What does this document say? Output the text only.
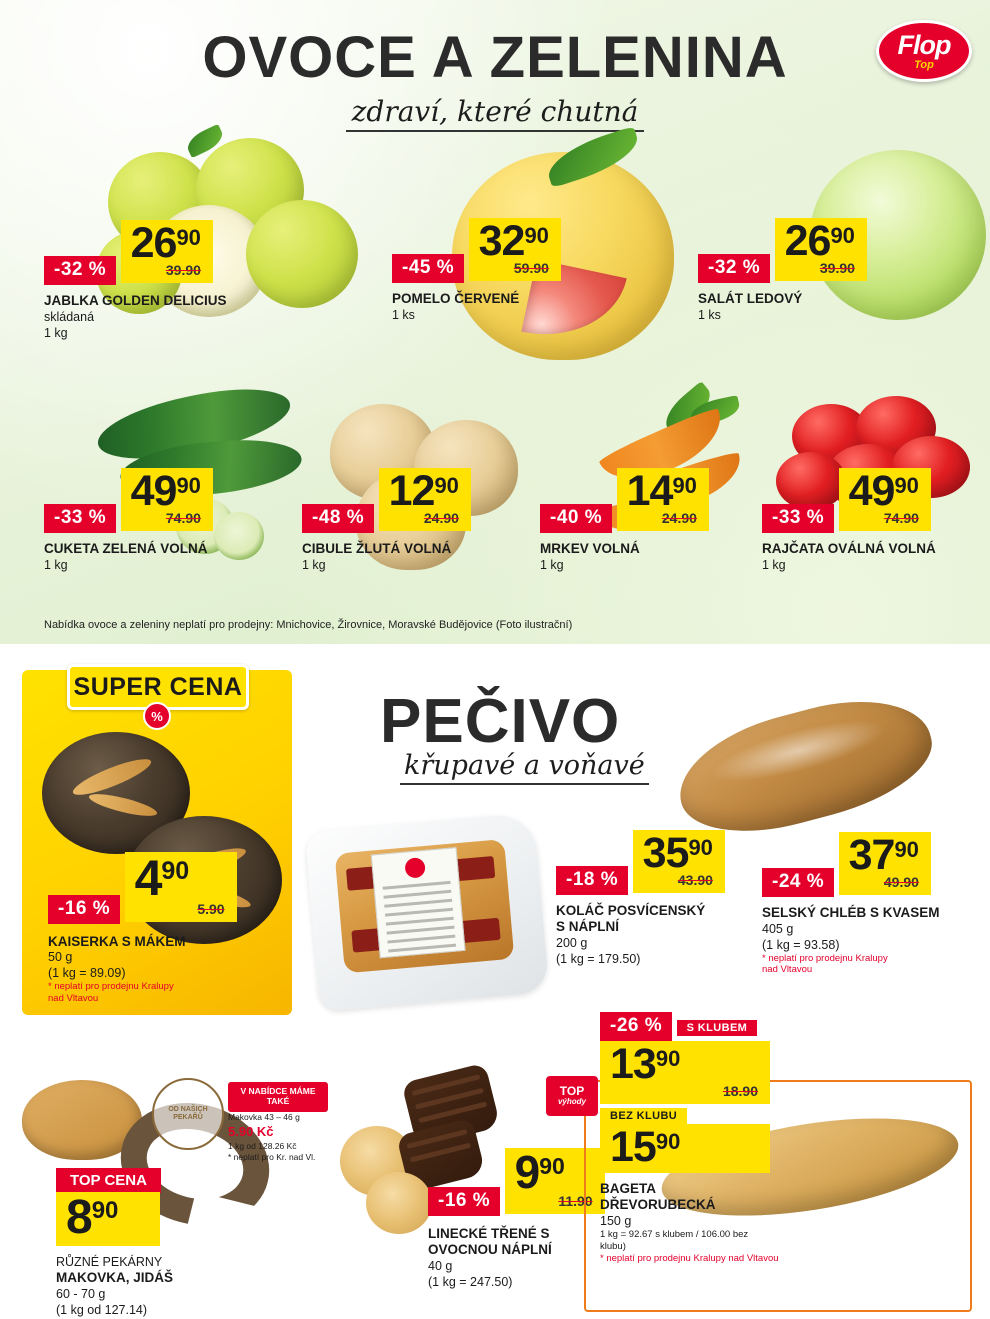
Flop
Top
OVOCE A ZELENINA
zdraví, které chutná
-32 % 2690
39.90
JABLKA GOLDEN DELICIUS
skládaná
1 kg
-45 % 3290
59.90
POMELO ČERVENÉ
1 ks
-32 % 2690
39.90
SALÁT LEDOVÝ
1 ks
-33 % 4990
74.90
CUKETA ZELENÁ VOLNÁ
1 kg
-48 % 1290
24.90
CIBULE ŽLUTÁ VOLNÁ
1 kg
-40 % 1490
24.90
MRKEV VOLNÁ
1 kg
-33 % 4990
74.90
RAJČATA OVÁLNÁ VOLNÁ
1 kg
Nabídka ovoce a zeleniny neplatí pro prodejny: Mnichovice, Žirovnice, Moravské Budějovice (Foto ilustrační)
PEČIVO
křupavé a voňavé
SUPER CENA
%
-16 % 490
5.90
KAISERKA S MÁKEM
50 g
(1 kg = 89.09)
* neplatí pro prodejnu Kralupy nad Vltavou
-18 % 3590
43.90
KOLÁČ POSVÍCENSKÝ S NÁPLNÍ
200 g
(1 kg = 179.50)
-24 % 3790
49.90
SELSKÝ CHLÉB S KVASEM
405 g
(1 kg = 93.58)
* neplatí pro prodejnu Kralupy nad Vltavou
TOP CENA
890
RŮZNÉ PEKÁRNY
MAKOVKA, JIDÁŠ
60 - 70 g
(1 kg od 127.14)
OD NAŠICH PEKAŘŮ
V NABÍDCE MÁME TAKÉ
Makovka 43 – 46 g
5.90 Kč
1 kg od 128.26 Kč
* neplatí pro Kr. nad Vl.
-16 % 990
11.90
LINECKÉ TŘENÉ S OVOCNOU NÁPLNÍ
40 g
(1 kg = 247.50)
-26 % S KLUBEM
1390
18.90
BEZ KLUBU
1590
BAGETA DŘEVORUBECKÁ
150 g
1 kg = 92.67 s klubem / 106.00 bez klubu)
* neplatí pro prodejnu Kralupy nad Vltavou
TOP
výhody
